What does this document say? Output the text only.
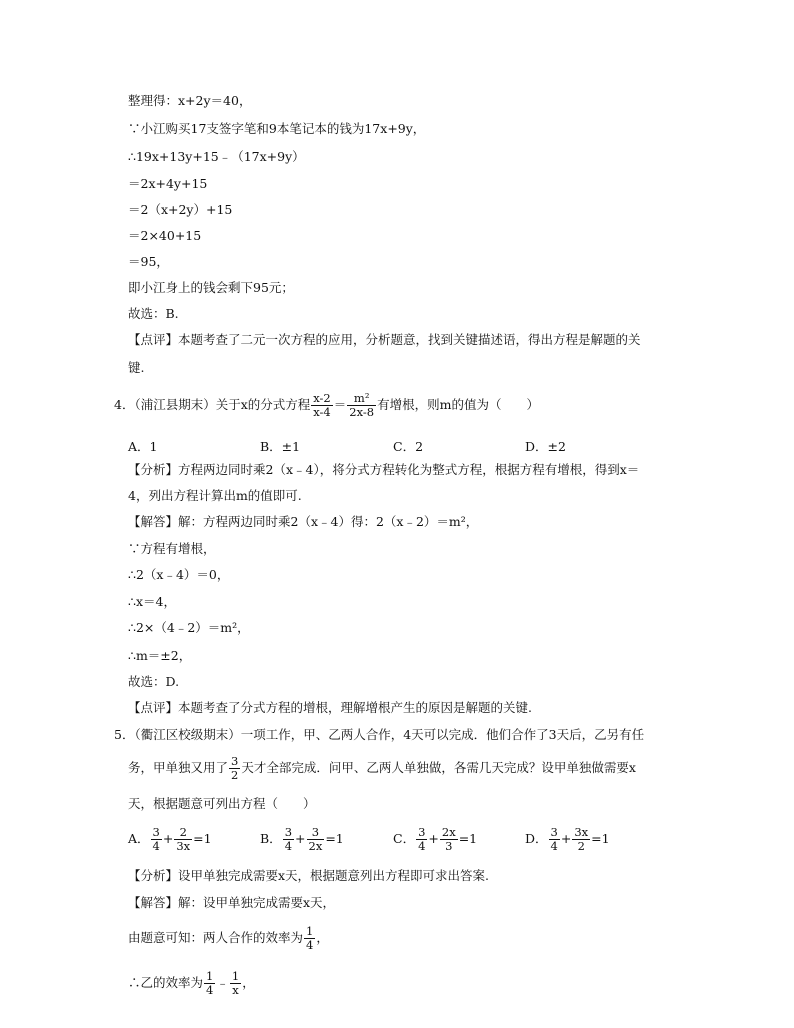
整理得：x+2y＝40，
∵小江购买17支签字笔和9本笔记本的钱为17x+9y，
∴19x+13y+15﹣（17x+9y）
＝2x+4y+15
＝2（x+2y）+15
＝2×40+15
＝95，
即小江身上的钱会剩下95元；
故选：B.
【点评】本题考查了二元一次方程的应用，分析题意，找到关键描述语，得出方程是解题的关
键.
4．（浦江县期末）关于x的分式方程 $\frac{x-2}{x-4} = \frac{\text{m²}}{2x-8}$ 有增根，则m的值为（　　）
A．1	B．±1	C．2	D．±2
【分析】方程两边同时乘2（x﹣4），将分式方程转化为整式方程，根据方程有增根，得到x＝
4，列出方程计算出m的值即可.
【解答】解：方程两边同时乘2（x﹣4）得：2（x﹣2）＝m²，
∵方程有增根，
∴2（x﹣4）＝0，
∴x＝4，
∴2×（4﹣2）＝m²，
∴m＝±2，
故选：D.
【点评】本题考查了分式方程的增根，理解增根产生的原因是解题的关键.
5．（衢江区校级期末）一项工作，甲、乙两人合作，4天可以完成．他们合作了3天后，乙另有任
务，甲单独又用了 $\frac{3}{2}$ 天才全部完成．问甲、乙两人单独做，各需几天完成？设甲单独做需要x
天，根据题意可列出方程（　　）
A． $\frac{3}{4} + \frac{2}{3x} =1$	B． $\frac{3}{4} + \frac{3}{2x} =1$	C． $\frac{3}{4} + \frac{2x}{3} =1$	D． $\frac{3}{4} + \frac{3x}{2} =1$
【分析】设甲单独完成需要x天，根据题意列出方程即可求出答案.
【解答】解：设甲单独完成需要x天，
由题意可知：两人合作的效率为 $\frac{1}{4}$ ，
∴乙的效率为 $\frac{1}{4}$ ﹣ $\frac{1}{x}$ ，
